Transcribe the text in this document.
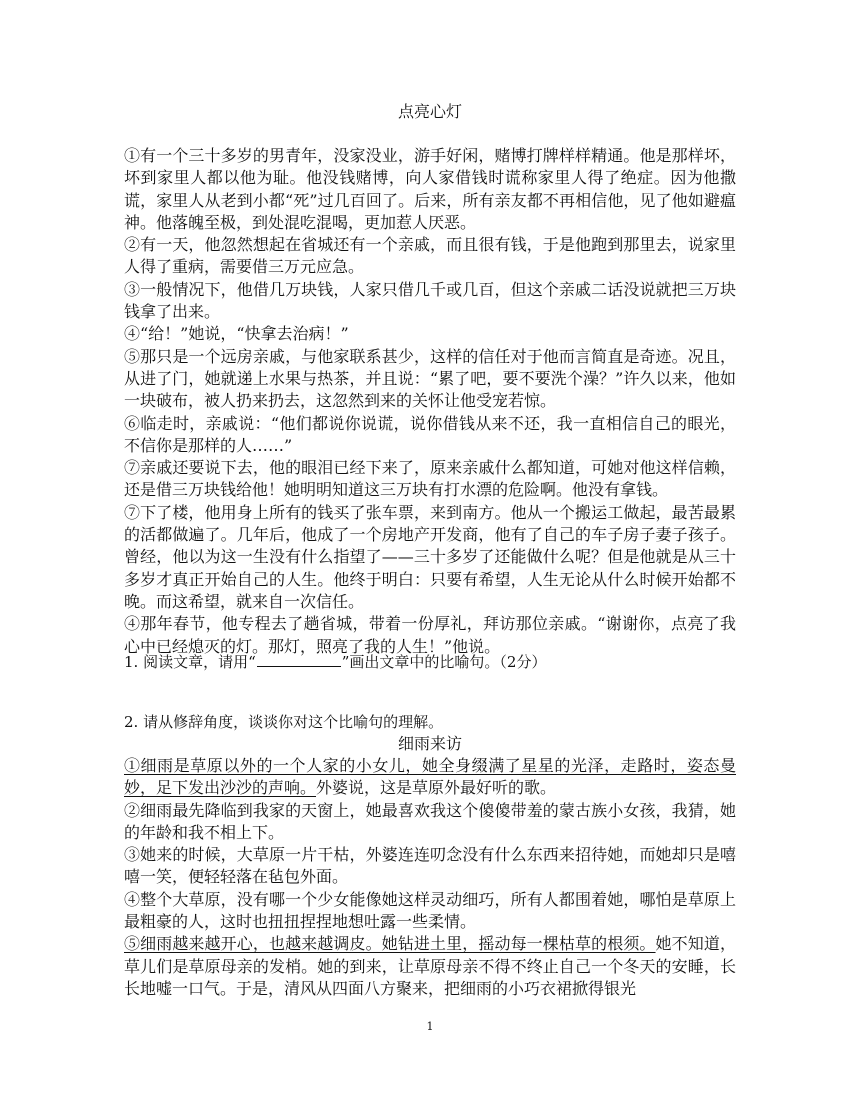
点亮心灯

①有一个三十多岁的男青年，没家没业，游手好闲，赌博打牌样样精通。他是那样坏，坏到家里人都以他为耻。他没钱赌博，向人家借钱时谎称家里人得了绝症。因为他撒谎，家里人从老到小都“死”过几百回了。后来，所有亲友都不再相信他，见了他如避瘟神。他落魄至极，到处混吃混喝，更加惹人厌恶。

②有一天，他忽然想起在省城还有一个亲戚，而且很有钱，于是他跑到那里去，说家里人得了重病，需要借三万元应急。

③一般情况下，他借几万块钱，人家只借几千或几百，但这个亲戚二话没说就把三万块钱拿了出来。

④“给！”她说，“快拿去治病！”

⑤那只是一个远房亲戚，与他家联系甚少，这样的信任对于他而言简直是奇迹。况且，从进了门，她就递上水果与热茶，并且说：“累了吧，要不要洗个澡？”许久以来，他如一块破布，被人扔来扔去，这忽然到来的关怀让他受宠若惊。

⑥临走时，亲戚说：“他们都说你说谎，说你借钱从来不还，我一直相信自己的眼光，不信你是那样的人……”

⑦亲戚还要说下去，他的眼泪已经下来了，原来亲戚什么都知道，可她对他这样信赖，还是借三万块钱给他！她明明知道这三万块有打水漂的危险啊。他没有拿钱。

⑦下了楼，他用身上所有的钱买了张车票，来到南方。他从一个搬运工做起，最苦最累的活都做遍了。几年后，他成了一个房地产开发商，他有了自己的车子房子妻子孩子。曾经，他以为这一生没有什么指望了——三十多岁了还能做什么呢？但是他就是从三十多岁才真正开始自己的人生。他终于明白：只要有希望，人生无论从什么时候开始都不晚。而这希望，就来自一次信任。

④那年春节，他专程去了趟省城，带着一份厚礼，拜访那位亲戚。“谢谢你，点亮了我心中已经熄灭的灯。那灯，照亮了我的人生！”他说。

1. 阅读文章，请用“	”画出文章中的比喻句。（2分）
2. 请从修辞角度，谈谈你对这个比喻句的理解。
细雨来访

①细雨是草原以外的一个人家的小女儿，她全身缀满了星星的光泽，走路时，姿态曼妙，足下发出沙沙的声响。外婆说，这是草原外最好听的歌。

②细雨最先降临到我家的天窗上，她最喜欢我这个傻傻带羞的蒙古族小女孩，我猜，她的年龄和我不相上下。

③她来的时候，大草原一片干枯，外婆连连叨念没有什么东西来招待她，而她却只是嘻嘻一笑，便轻轻落在毡包外面。

④整个大草原，没有哪一个少女能像她这样灵动细巧，所有人都围着她，哪怕是草原上最粗豪的人，这时也扭扭捏捏地想吐露一些柔情。

⑤细雨越来越开心，也越来越调皮。她钻进土里，摇动每一棵枯草的根须。她不知道，草儿们是草原母亲的发梢。她的到来，让草原母亲不得不终止自己一个冬天的安睡，长长地嘘一口气。于是，清风从四面八方聚来，把细雨的小巧衣裙掀得银光

1
